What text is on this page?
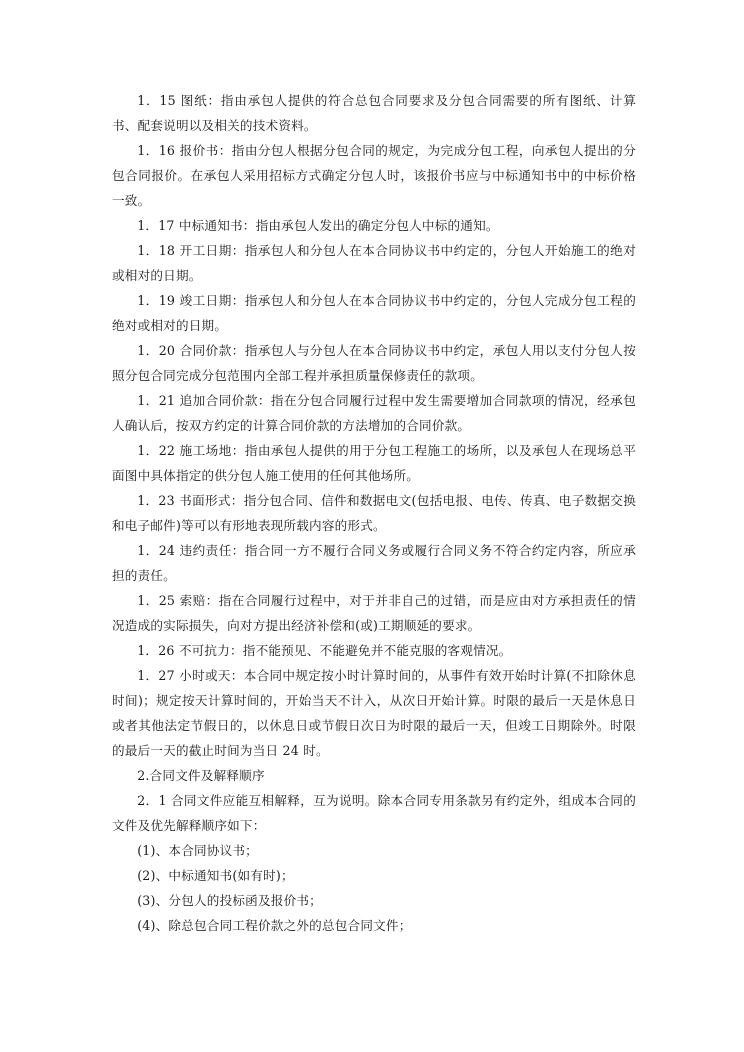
1．15 图纸：指由承包人提供的符合总包合同要求及分包合同需要的所有图纸、计算书、配套说明以及相关的技术资料。

1．16 报价书：指由分包人根据分包合同的规定，为完成分包工程，向承包人提出的分包合同报价。在承包人采用招标方式确定分包人时，该报价书应与中标通知书中的中标价格一致。

1．17 中标通知书：指由承包人发出的确定分包人中标的通知。

1．18 开工日期：指承包人和分包人在本合同协议书中约定的，分包人开始施工的绝对或相对的日期。

1．19 竣工日期：指承包人和分包人在本合同协议书中约定的，分包人完成分包工程的绝对或相对的日期。

1．20 合同价款：指承包人与分包人在本合同协议书中约定，承包人用以支付分包人按照分包合同完成分包范围内全部工程并承担质量保修责任的款项。

1．21 追加合同价款：指在分包合同履行过程中发生需要增加合同款项的情况，经承包人确认后，按双方约定的计算合同价款的方法增加的合同价款。

1．22 施工场地：指由承包人提供的用于分包工程施工的场所，以及承包人在现场总平面图中具体指定的供分包人施工使用的任何其他场所。

1．23 书面形式：指分包合同、信件和数据电文(包括电报、电传、传真、电子数据交换和电子邮件)等可以有形地表现所载内容的形式。

1．24 违约责任：指合同一方不履行合同义务或履行合同义务不符合约定内容，所应承担的责任。

1．25 索赔：指在合同履行过程中，对于并非自己的过错，而是应由对方承担责任的情况造成的实际损失，向对方提出经济补偿和(或)工期顺延的要求。

1．26 不可抗力：指不能预见、不能避免并不能克服的客观情况。

1．27 小时或天：本合同中规定按小时计算时间的，从事件有效开始时计算(不扣除休息时间)；规定按天计算时间的，开始当天不计入，从次日开始计算。时限的最后一天是休息日或者其他法定节假日的，以休息日或节假日次日为时限的最后一天，但竣工日期除外。时限的最后一天的截止时间为当日 24 时。

2.合同文件及解释顺序

2．1 合同文件应能互相解释，互为说明。除本合同专用条款另有约定外，组成本合同的文件及优先解释顺序如下：

(1)、本合同协议书；

(2)、中标通知书(如有时)；

(3)、分包人的投标函及报价书；

(4)、除总包合同工程价款之外的总包合同文件；
